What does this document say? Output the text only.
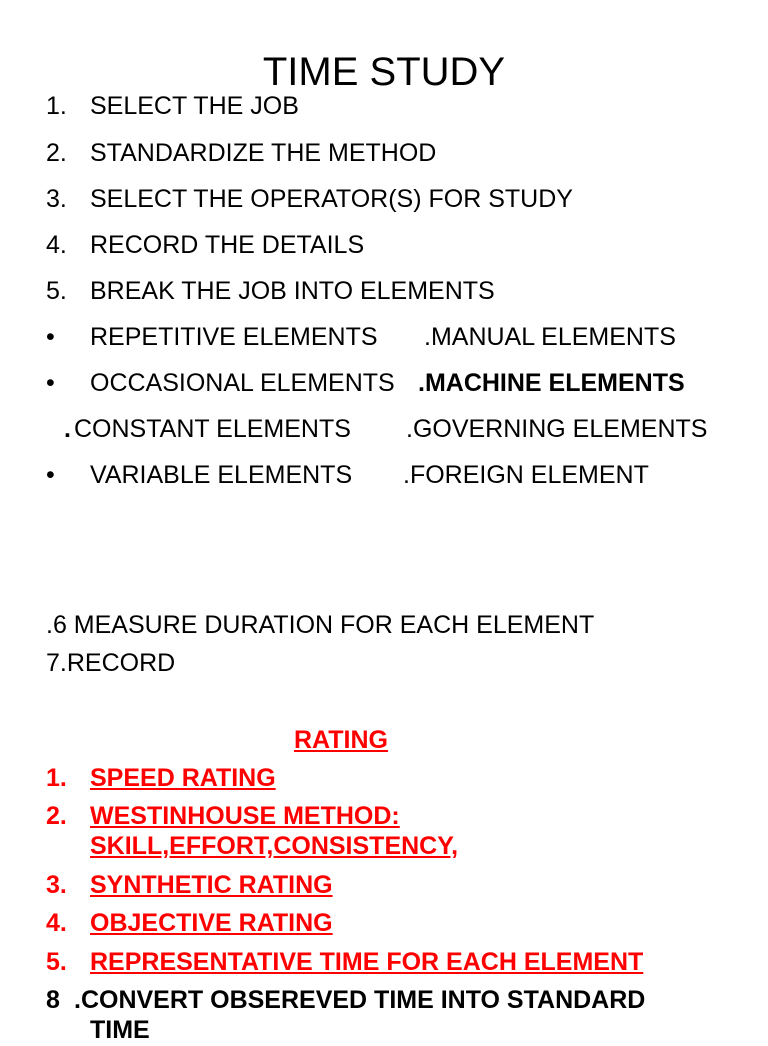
TIME STUDY
1. SELECT THE JOB
2. STANDARDIZE THE METHOD
3. SELECT THE OPERATOR(S) FOR STUDY
4. RECORD THE DETAILS
5. BREAK THE JOB INTO ELEMENTS
• REPETITIVE ELEMENTS .MANUAL ELEMENTS
• OCCASIONAL ELEMENTS .MACHINE ELEMENTS
. CONSTANT ELEMENTS .GOVERNING ELEMENTS
• VARIABLE ELEMENTS .FOREIGN ELEMENT
.6 MEASURE DURATION FOR EACH ELEMENT
7.RECORD
RATING
1. SPEED RATING
2. WESTINHOUSE METHOD:
SKILL,EFFORT,CONSISTENCY,
3. SYNTHETIC RATING
4. OBJECTIVE RATING
5. REPRESENTATIVE TIME FOR EACH ELEMENT
8 .CONVERT OBSEREVED TIME INTO STANDARD
TIME
